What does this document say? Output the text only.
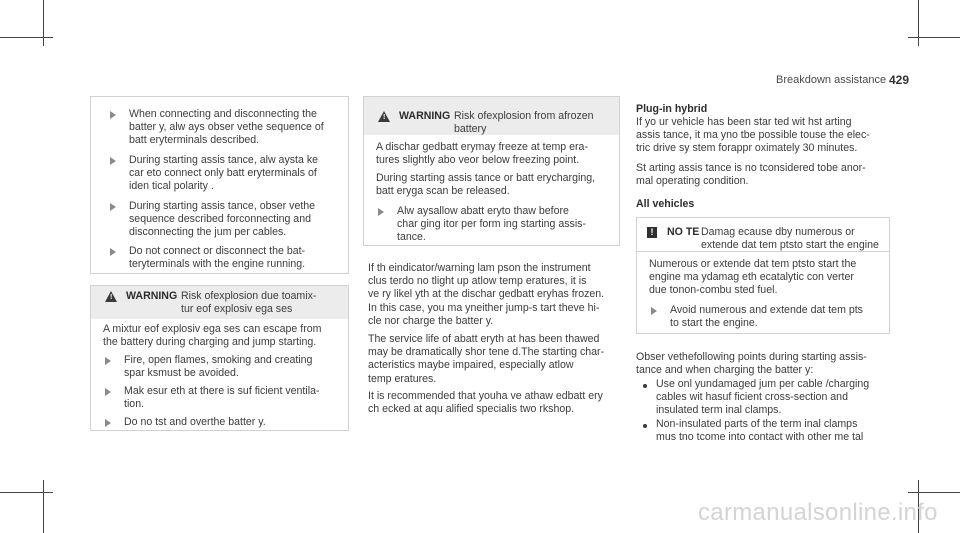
Breakdown assistance 429
When connecting and disconnecting the
batter y, alw ays obser vethe sequence of
batt eryterminals described.
During starting assis tance, alw aysta ke
car eto connect only batt eryterminals of
iden tical polarity .
During starting assis tance, obser vethe
sequence described forconnecting and
disconnecting the jum per cables.
Do not connect or disconnect the bat‐
teryterminals with the engine running.
! WARNING Risk ofexplosion due toamix‐
tur eof explosiv ega ses
A mixtur eof explosiv ega ses can escape from
the battery during charging and jump starting.
Fire, open flames, smoking and creating
spar ksmust be avoided.
Mak esur eth at there is suf ficient ventila‐
tion.
Do no tst and overthe batter y.
! WARNING Risk ofexplosion from afrozen
battery
A dischar gedbatt erymay freeze at temp era‐
tures slightly abo veor below freezing point.
During starting assis tance or batt erycharging,
batt eryga scan be released.
Alw aysallow abatt eryto thaw before
char ging itor per form ing starting assis‐
tance.
If th eindicator/warning lam pson the instrument
clus terdo no tlight up atlow temp eratures, it is
ve ry likel yth at the dischar gedbatt eryhas frozen.
In this case, you ma yneither jump-s tart theve hi‐
cle nor charge the batter y.
The service life of abatt eryth at has been thawed
may be dramatically shor tene d.The starting char‐
acteristics maybe impaired, especially atlow
temp eratures.
It is recommended that youha ve athaw edbatt ery
ch ecked at aqu alified specialis two rkshop.
Plug-in hybrid
If yo ur vehicle has been star ted wit hst arting
assis tance, it ma yno tbe possible touse the elec‐
tric drive sy stem forappr oximately 30 minutes.
St arting assis tance is no tconsidered tobe anor‐
mal operating condition.
All vehicles
!	NO TE Damag ecause dby numerous or
extende dat tem ptsto start the engine
Numerous or extende dat tem ptsto start the
engine ma ydamag eth ecatalytic con verter
due tonon-combu sted fuel.
Avoid numerous and extende dat tem pts
to start the engine.
Obser vethefollowing points during starting assis‐
tance and when charging the batter y:
Use onl yundamaged jum per cable /charging
cables wit hasuf ficient cross-section and
insulated term inal clamps.
Non-insulated parts of the term inal clamps
mus tno tcome into contact with other me tal
carmanualsonline.info
